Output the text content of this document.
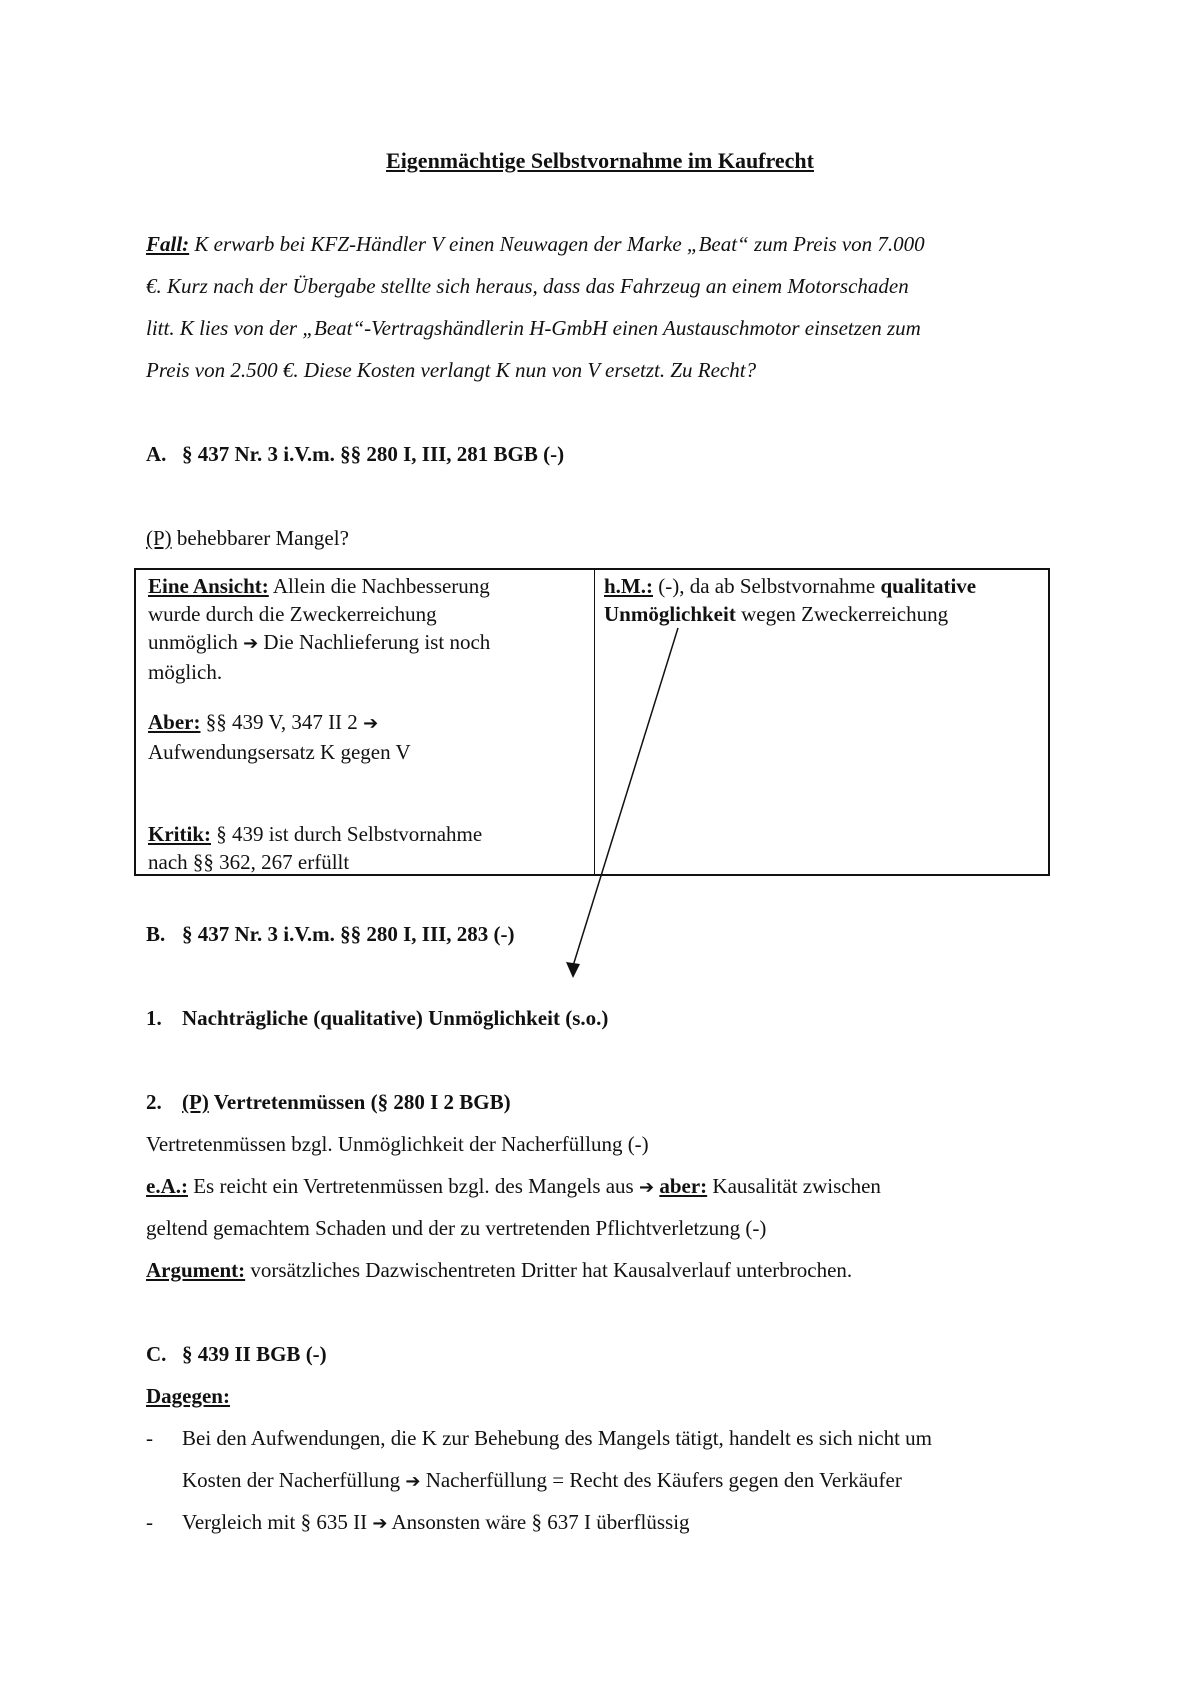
Eigenmächtige Selbstvornahme im Kaufrecht
Fall: K erwarb bei KFZ-Händler V einen Neuwagen der Marke „Beat“ zum Preis von 7.000
€. Kurz nach der Übergabe stellte sich heraus, dass das Fahrzeug an einem Motorschaden
litt. K lies von der „Beat“-Vertragshändlerin H-GmbH einen Austauschmotor einsetzen zum
Preis von 2.500 €. Diese Kosten verlangt K nun von V ersetzt. Zu Recht?
A. § 437 Nr. 3 i.V.m. §§ 280 I, III, 281 BGB (-)
(P) behebbarer Mangel?
Eine Ansicht: Allein die Nachbesserung
wurde durch die Zweckerreichung
unmöglich ➔ Die Nachlieferung ist noch
möglich.
Aber: §§ 439 V, 347 II 2 ➔
Aufwendungsersatz K gegen V
Kritik: § 439 ist durch Selbstvornahme
nach §§ 362, 267 erfüllt
h.M.: (-), da ab Selbstvornahme qualitative
Unmöglichkeit wegen Zweckerreichung
B. § 437 Nr. 3 i.V.m. §§ 280 I, III, 283 (-)
1. Nachträgliche (qualitative) Unmöglichkeit (s.o.)
2. (P) Vertretenmüssen (§ 280 I 2 BGB)
Vertretenmüssen bzgl. Unmöglichkeit der Nacherfüllung (-)
e.A.: Es reicht ein Vertretenmüssen bzgl. des Mangels aus ➔ aber: Kausalität zwischen
geltend gemachtem Schaden und der zu vertretenden Pflichtverletzung (-)
Argument: vorsätzliches Dazwischentreten Dritter hat Kausalverlauf unterbrochen.
C. § 439 II BGB (-)
Dagegen:
- Bei den Aufwendungen, die K zur Behebung des Mangels tätigt, handelt es sich nicht um
Kosten der Nacherfüllung ➔ Nacherfüllung = Recht des Käufers gegen den Verkäufer
- Vergleich mit § 635 II ➔ Ansonsten wäre § 637 I überflüssig
